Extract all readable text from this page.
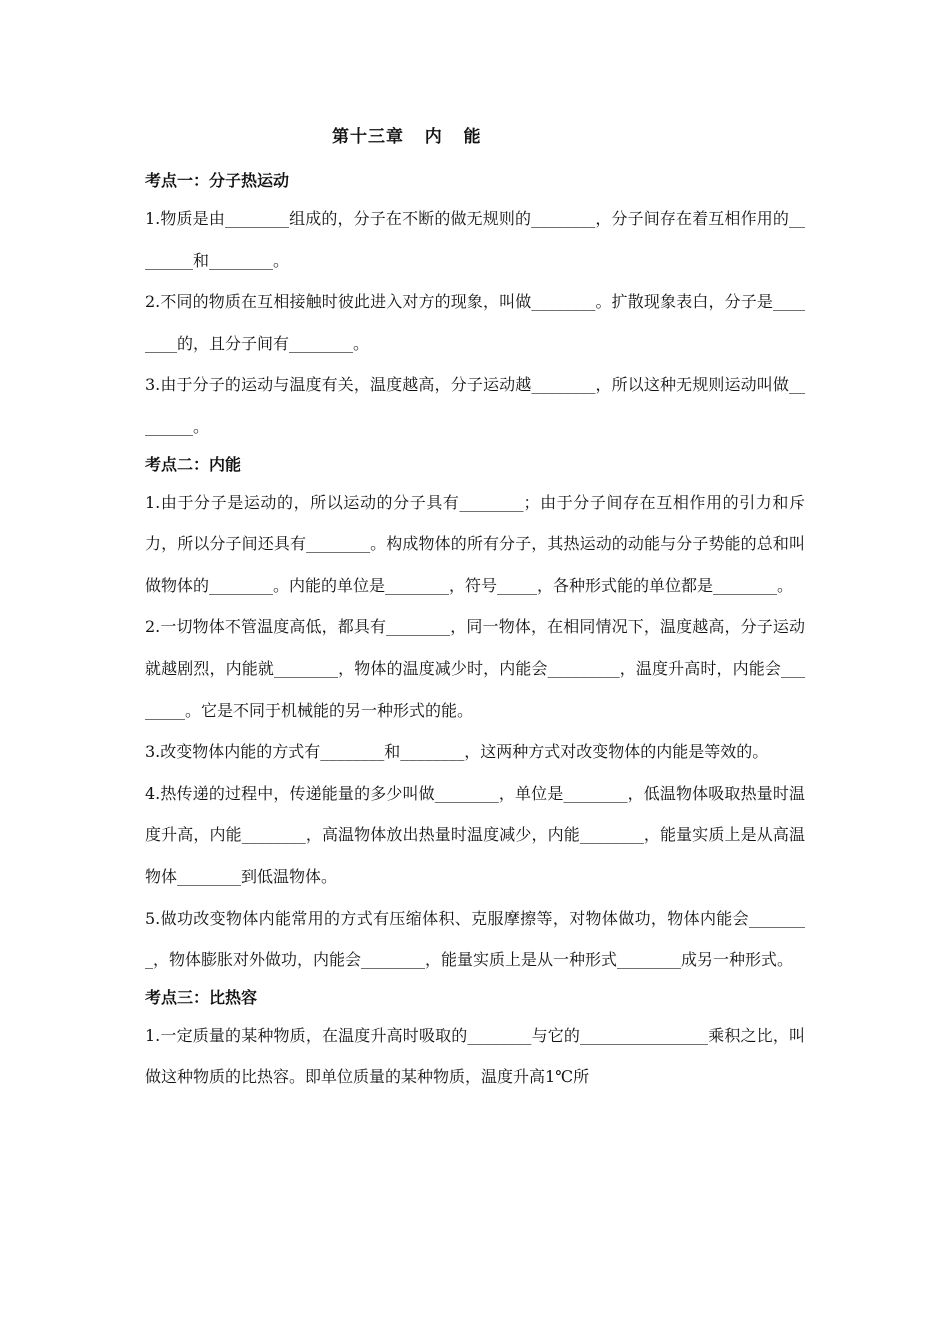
第十三章   内   能
考点一：分子热运动

1.物质是由________组成的，分子在不断的做无规则的________，分子间存在着互相作用的________和________。

2.不同的物质在互相接触时彼此进入对方的现象，叫做________。扩散现象表白，分子是________的，且分子间有________。

3.由于分子的运动与温度有关，温度越高，分子运动越________，所以这种无规则运动叫做________。

考点二：内能

1.由于分子是运动的，所以运动的分子具有________；由于分子间存在互相作用的引力和斥力，所以分子间还具有________。构成物体的所有分子，其热运动的动能与分子势能的总和叫做物体的________。内能的单位是________，符号_____，各种形式能的单位都是________。

2.一切物体不管温度高低，都具有________，同一物体，在相同情况下，温度越高，分子运动就越剧烈，内能就________，物体的温度减少时，内能会_________，温度升高时，内能会________。它是不同于机械能的另一种形式的能。

3.改变物体内能的方式有________和________，这两种方式对改变物体的内能是等效的。

4.热传递的过程中，传递能量的多少叫做________，单位是________，低温物体吸取热量时温度升高，内能________，高温物体放出热量时温度减少，内能________，能量实质上是从高温物体________到低温物体。

5.做功改变物体内能常用的方式有压缩体积、克服摩擦等，对物体做功，物体内能会________，物体膨胀对外做功，内能会________，能量实质上是从一种形式________成另一种形式。

考点三：比热容

1.一定质量的某种物质，在温度升高时吸取的________与它的________________乘积之比，叫做这种物质的比热容。即单位质量的某种物质，温度升高1℃所
